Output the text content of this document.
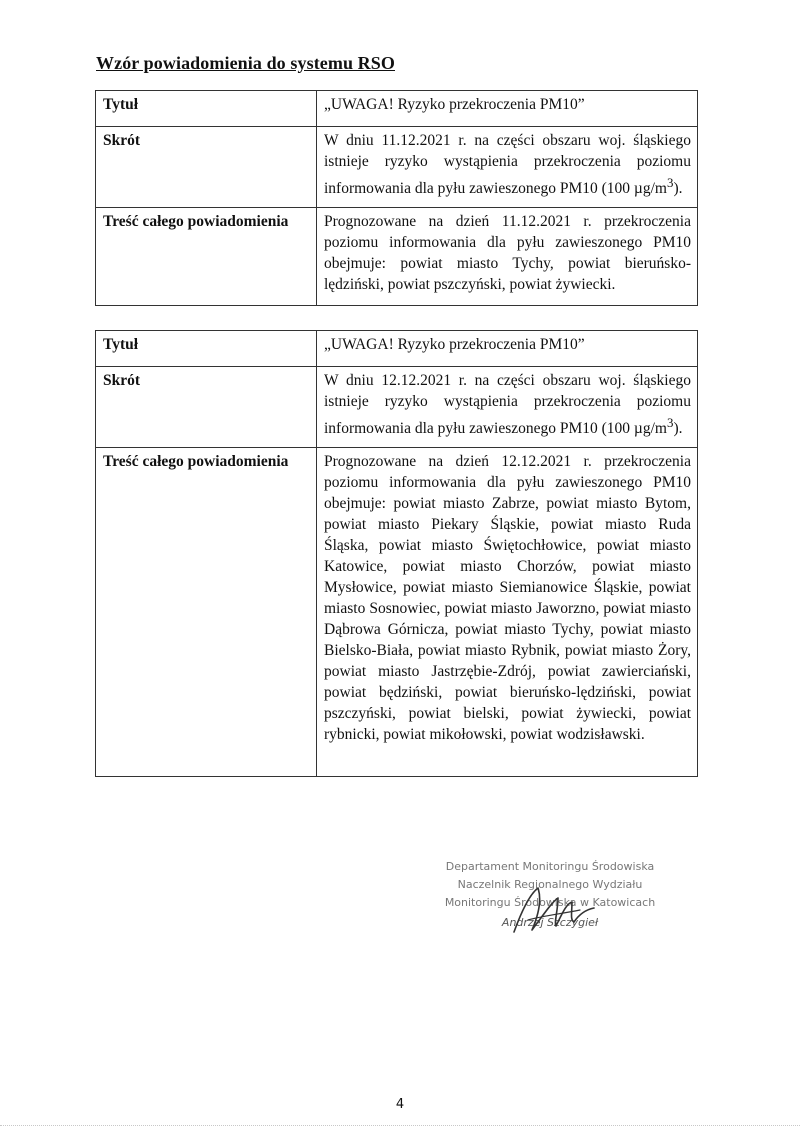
Wzór powiadomienia do systemu RSO
Tytuł	„UWAGA! Ryzyko przekroczenia PM10”
Skrót	W dniu 11.12.2021 r. na części obszaru woj. śląskiego istnieje ryzyko wystąpienia przekroczenia poziomu informowania dla pyłu zawieszonego PM10 (100 $\mu g/m^3$).
Treść całego powiadomienia	Prognozowane na dzień 11.12.2021 r. przekroczenia poziomu informowania dla pyłu zawieszonego PM10 obejmuje: powiat miasto Tychy, powiat bieruńsko-lędziński, powiat pszczyński, powiat żywiecki.
Tytuł	„UWAGA! Ryzyko przekroczenia PM10”
Skrót	W dniu 12.12.2021 r. na części obszaru woj. śląskiego istnieje ryzyko wystąpienia przekroczenia poziomu informowania dla pyłu zawieszonego PM10 (100 $\mu g/m^3$).
Treść całego powiadomienia	Prognozowane na dzień 12.12.2021 r. przekroczenia poziomu informowania dla pyłu zawieszonego PM10 obejmuje: powiat miasto Zabrze, powiat miasto Bytom, powiat miasto Piekary Śląskie, powiat miasto Ruda Śląska, powiat miasto Świętochłowice, powiat miasto Katowice, powiat miasto Chorzów, powiat miasto Mysłowice, powiat miasto Siemianowice Śląskie, powiat miasto Sosnowiec, powiat miasto Jaworzno, powiat miasto Dąbrowa Górnicza, powiat miasto Tychy, powiat miasto Bielsko-Biała, powiat miasto Rybnik, powiat miasto Żory, powiat miasto Jastrzębie-Zdrój, powiat zawierciański, powiat będziński, powiat bieruńsko-lędziński, powiat pszczyński, powiat bielski, powiat żywiecki, powiat rybnicki, powiat mikołowski, powiat wodzisławski.
Departament Monitoringu Środowiska
Naczelnik Regionalnego Wydziału
Monitoringu Środowiska w Katowicach
Andrzej Szczygieł
4
